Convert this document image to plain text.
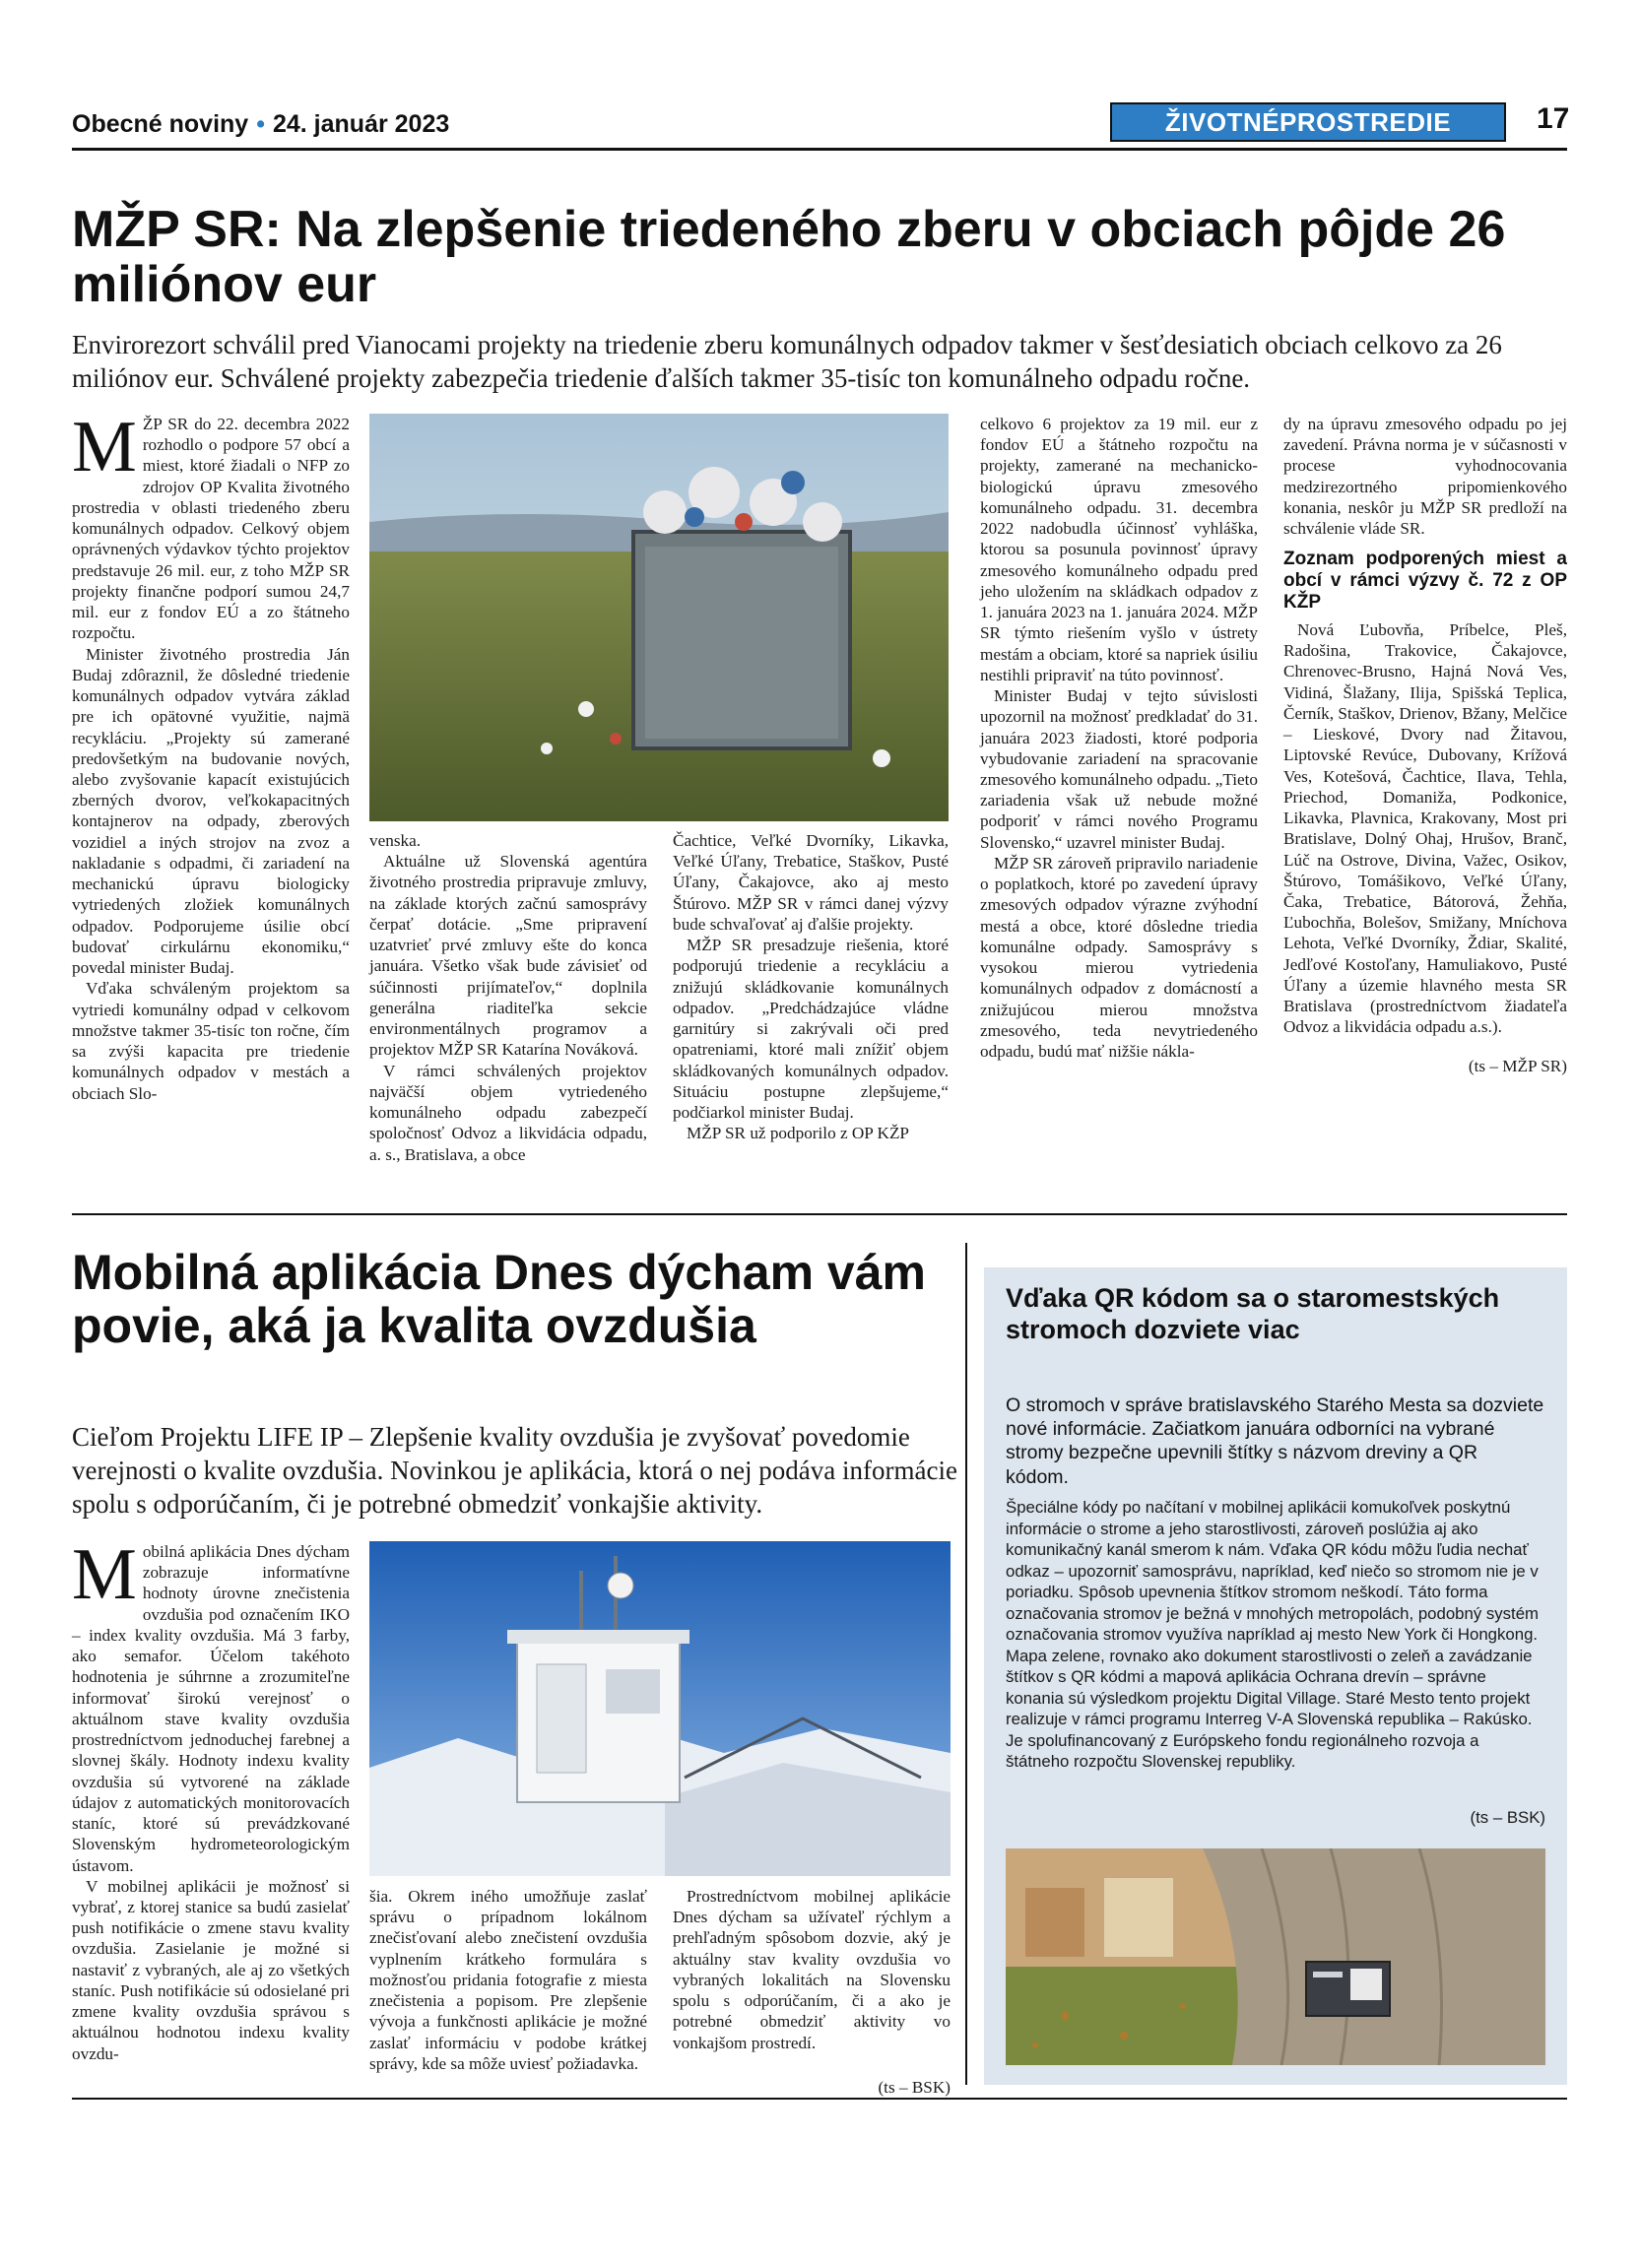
Obecné noviny • 24. január 2023	ŽIVOTNÉPROSTREDIE	17
MŽP SR: Na zlepšenie triedeného zberu v obciach pôjde 26 miliónov eur
Envirorezort schválil pred Vianocami projekty na triedenie zberu komunálnych odpadov takmer v šesťdesiatich obciach celkovo za 26 miliónov eur. Schválené projekty zabezpečia triedenie ďalších takmer 35-tisíc ton komunálneho odpadu ročne.
M ŽP SR do 22. decembra 2022 rozhodlo o podpore 57 obcí a miest, ktoré žiadali o NFP zo zdrojov OP Kvalita životného prostredia v oblasti triedeného zberu komunálnych odpadov. Celkový objem oprávnených výdavkov týchto projektov predstavuje 26 mil. eur, z toho MŽP SR projekty finančne podporí sumou 24,7 mil. eur z fondov EÚ a zo štátneho rozpočtu.

Minister životného prostredia Ján Budaj zdôraznil, že dôsledné triedenie komunálnych odpadov vytvára základ pre ich opätovné využitie, najmä recykláciu. „Projekty sú zamerané predovšetkým na budovanie nových, alebo zvyšovanie kapacít existujúcich zberných dvorov, veľkokapacitných kontajnerov na odpady, zberových vozidiel a iných strojov na zvoz a nakladanie s odpadmi, či zariadení na mechanickú úpravu biologicky vytriedených zložiek komunálnych odpadov. Podporujeme úsilie obcí budovať cirkulárnu ekonomiku,“ povedal minister Budaj.

Vďaka schváleným projektom sa vytriedi komunálny odpad v celkovom množstve takmer 35-tisíc ton ročne, čím sa zvýši kapacita pre triedenie komunálnych odpadov v mestách a obciach Slo-

venska.

Aktuálne už Slovenská agentúra životného prostredia pripravuje zmluvy, na základe ktorých začnú samosprávy čerpať dotácie. „Sme pripravení uzatvrieť prvé zmluvy ešte do konca januára. Všetko však bude závisieť od súčinnosti prijímateľov,“ doplnila generálna riaditeľka sekcie environmentálnych programov a projektov MŽP SR Katarína Nováková.

V rámci schválených projektov najväčší objem vytriedeného komunálneho odpadu zabezpečí spoločnosť Odvoz a likvidácia odpadu, a. s., Bratislava, a obce

Čachtice, Veľké Dvorníky, Likavka, Veľké Úľany, Trebatice, Staškov, Pusté Úľany, Čakajovce, ako aj mesto Štúrovo. MŽP SR v rámci danej výzvy bude schvaľovať aj ďalšie projekty.

MŽP SR presadzuje riešenia, ktoré podporujú triedenie a recykláciu a znižujú skládkovanie komunálnych odpadov. „Predchádzajúce vládne garnitúry si zakrývali oči pred opatreniami, ktoré mali znížiť objem skládkovaných komunálnych odpadov. Situáciu postupne zlepšujeme,“ podčiarkol minister Budaj.

MŽP SR už podporilo z OP KŽP

celkovo 6 projektov za 19 mil. eur z fondov EÚ a štátneho rozpočtu na projekty, zamerané na mechanicko-biologickú úpravu zmesového komunálneho odpadu. 31. decembra 2022 nadobudla účinnosť vyhláška, ktorou sa posunula povinnosť úpravy zmesového komunálneho odpadu pred jeho uložením na skládkach odpadov z 1. januára 2023 na 1. januára 2024. MŽP SR týmto riešením vyšlo v ústrety mestám a obciam, ktoré sa napriek úsiliu nestihli pripraviť na túto povinnosť.

Minister Budaj v tejto súvislosti upozornil na možnosť predkladať do 31. januára 2023 žiadosti, ktoré podporia vybudovanie zariadení na spracovanie zmesového komunálneho odpadu. „Tieto zariadenia však už nebude možné podporiť v rámci nového Programu Slovensko,“ uzavrel minister Budaj.

MŽP SR zároveň pripravilo nariadenie o poplatkoch, ktoré po zavedení úpravy zmesových odpadov výrazne zvýhodní mestá a obce, ktoré dôsledne triedia komunálne odpady. Samosprávy s vysokou mierou vytriedenia komunálnych odpadov z domácností a znižujúcou mierou množstva zmesového, teda nevytriedeného odpadu, budú mať nižšie nákla-

dy na úpravu zmesového odpadu po jej zavedení. Právna norma je v súčasnosti v procese vyhodnocovania medzirezortného pripomienkového konania, neskôr ju MŽP SR predloží na schválenie vláde SR.

Zoznam podporených miest a obcí v rámci výzvy č. 72 z OP KŽP

Nová Ľubovňa, Príbelce, Pleš, Radošina, Trakovice, Čakajovce, Chrenovec-Brusno, Hajná Nová Ves, Vidiná, Šlažany, Ilija, Spišská Teplica, Černík, Staškov, Drienov, Bžany, Melčice – Lieskové, Dvory nad Žitavou, Liptovské Revúce, Dubovany, Krížová Ves, Kotešová, Čachtice, Ilava, Tehla, Priechod, Domaniža, Podkonice, Likavka, Plavnica, Krakovany, Most pri Bratislave, Dolný Ohaj, Hrušov, Branč, Lúč na Ostrove, Divina, Važec, Osikov, Štúrovo, Tomášikovo, Veľké Úľany, Čaka, Trebatice, Bátorová, Žehňa, Ľubochňa, Bolešov, Smižany, Mníchova Lehota, Veľké Dvorníky, Ždiar, Skalité, Jedľové Kostoľany, Hamuliakovo, Pusté Úľany a územie hlavného mesta SR Bratislava (prostredníctvom žiadateľa Odvoz a likvidácia odpadu a.s.).

(ts – MŽP SR)
Mobilná aplikácia Dnes dýcham vám povie, aká ja kvalita ovzdušia
Cieľom Projektu LIFE IP – Zlepšenie kvality ovzdušia je zvyšovať povedomie verejnosti o kvalite ovzdušia. Novinkou je aplikácia, ktorá o nej podáva informácie spolu s odporúčaním, či je potrebné obmedziť vonkajšie aktivity.
M obilná aplikácia Dnes dýcham zobrazuje informatívne hodnoty úrovne znečistenia ovzdušia pod označením IKO – index kvality ovzdušia. Má 3 farby, ako semafor. Účelom takéhoto hodnotenia je súhrnne a zrozumiteľne informovať širokú verejnosť o aktuálnom stave kvality ovzdušia prostredníctvom jednoduchej farebnej a slovnej škály. Hodnoty indexu kvality ovzdušia sú vytvorené na základe údajov z automatických monitorovacích staníc, ktoré sú prevádzkované Slovenským hydrometeorologickým ústavom.

V mobilnej aplikácii je možnosť si vybrať, z ktorej stanice sa budú zasielať push notifikácie o zmene stavu kvality ovzdušia. Zasielanie je možné si nastaviť z vybraných, ale aj zo všetkých staníc. Push notifikácie sú odosielané pri zmene kvality ovzdušia správou s aktuálnou hodnotou indexu kvality ovzdu-

šia. Okrem iného umožňuje zaslať správu o prípadnom lokálnom znečisťovaní alebo znečistení ovzdušia vyplnením krátkeho formulára s možnosťou pridania fotografie z miesta znečistenia a popisom. Pre zlepšenie vývoja a funkčnosti aplikácie je možné zaslať informáciu v podobe krátkej správy, kde sa môže uviesť požiadavka.

Prostredníctvom mobilnej aplikácie Dnes dýcham sa užívateľ rýchlym a prehľadným spôsobom dozvie, aký je aktuálny stav kvality ovzdušia vo vybraných lokalitách na Slovensku spolu s odporúčaním, či a ako je potrebné obmedziť aktivity vo vonkajšom prostredí.

(ts – BSK)
Vďaka QR kódom sa o staromestských stromoch dozviete viac
O stromoch v správe bratislavského Starého Mesta sa dozviete nové informácie. Začiatkom januára odborníci na vybrané stromy bezpečne upevnili štítky s názvom dreviny a QR kódom.
Špeciálne kódy po načítaní v mobilnej aplikácii komukoľvek poskytnú informácie o strome a jeho starostlivosti, zároveň poslúžia aj ako komunikačný kanál smerom k nám. Vďaka QR kódu môžu ľudia nechať odkaz – upozorniť samosprávu, napríklad, keď niečo so stromom nie je v poriadku. Spôsob upevnenia štítkov stromom neškodí. Táto forma označovania stromov je bežná v mnohých metropolách, podobný systém označovania stromov využíva napríklad aj mesto New York či Hongkong. Mapa zelene, rovnako ako dokument starostlivosti o zeleň a zavádzanie štítkov s QR kódmi a mapová aplikácia Ochrana drevín – správne konania sú výsledkom projektu Digital Village. Staré Mesto tento projekt realizuje v rámci programu Interreg V-A Slovenská republika – Rakúsko. Je spolufinancovaný z Európskeho fondu regionálneho rozvoja a štátneho rozpočtu Slovenskej republiky.
(ts – BSK)
